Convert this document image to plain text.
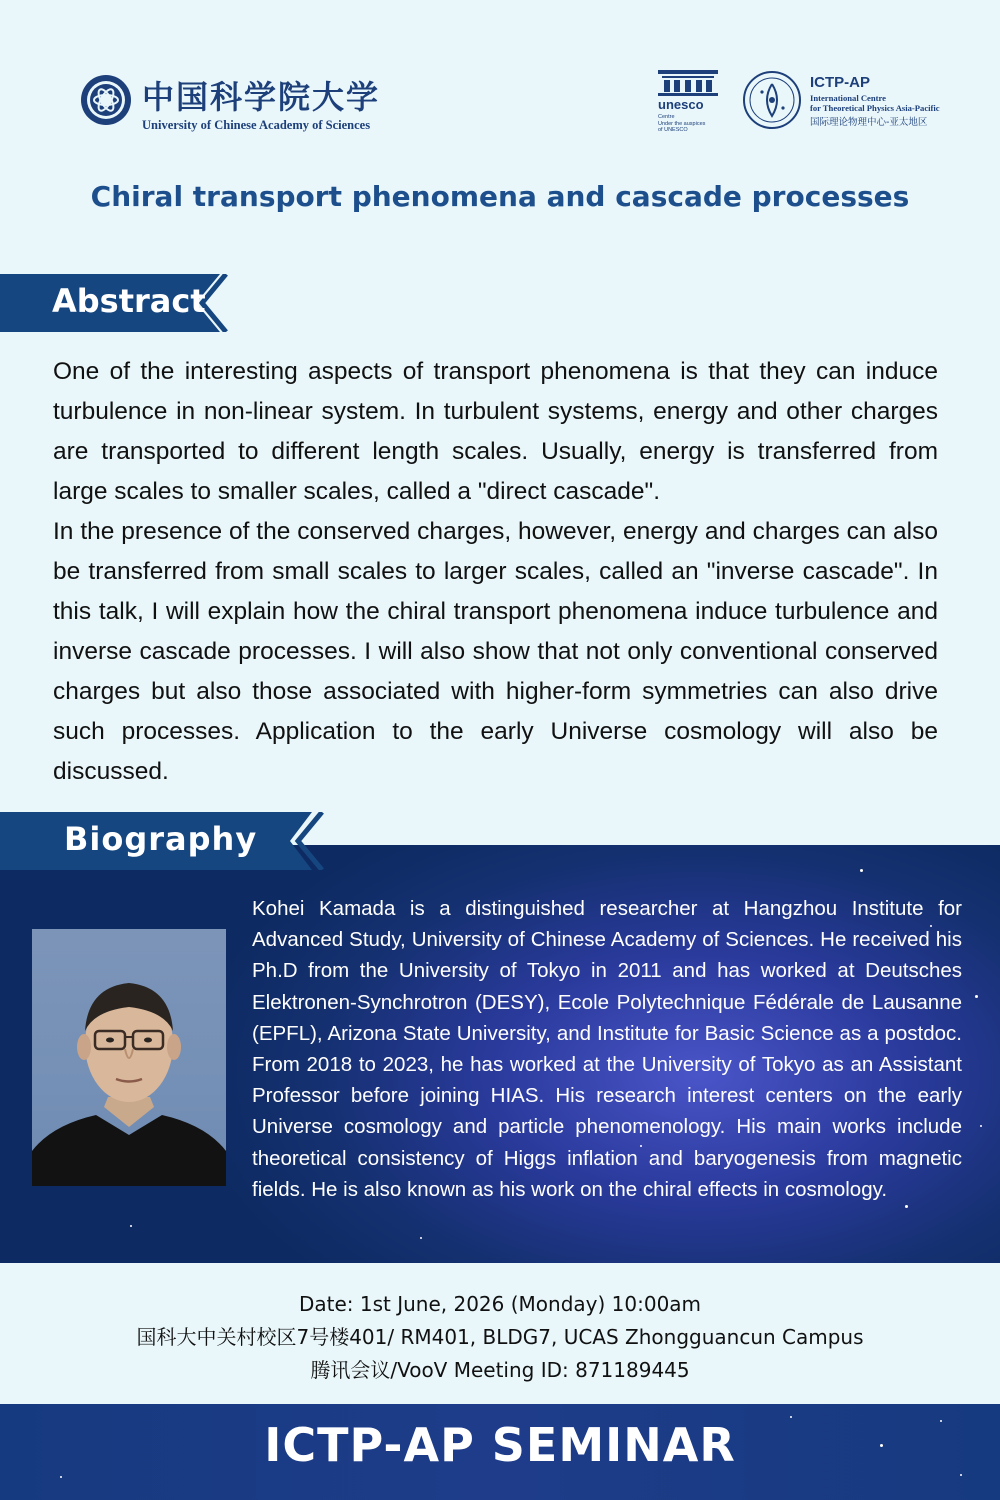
中国科学院大学
University of Chinese Academy of Sciences
unesco
Centre
Under the auspices
of UNESCO
ICTP-AP
International Centre
for Theoretical Physics Asia-Pacific
国际理论物理中心-亚太地区
Chiral transport phenomena and cascade processes
Abstract

One of the interesting aspects of transport phenomena is that they can induce turbulence in non-linear system. In turbulent systems, energy and other charges are transported to different length scales. Usually, energy is transferred from large scales to smaller scales, called a "direct cascade".

In the presence of the conserved charges, however, energy and charges can also be transferred from small scales to larger scales, called an "inverse cascade". In this talk, I will explain how the chiral transport phenomena induce turbulence and inverse cascade processes. I will also show that not only conventional conserved charges but also those associated with higher-form symmetries can also drive such processes. Application to the early Universe cosmology will also be discussed.

Biography
Kohei Kamada is a distinguished researcher at Hangzhou Institute for Advanced Study, University of Chinese Academy of Sciences. He received his Ph.D from the University of Tokyo in 2011 and has worked at Deutsches Elektronen-Synchrotron (DESY), Ecole Polytechnique Fédérale de Lausanne (EPFL), Arizona State University, and Institute for Basic Science as a postdoc. From 2018 to 2023, he has worked at the University of Tokyo as an Assistant Professor before joining HIAS. His research interest centers on the early Universe cosmology and particle phenomenology. His main works include theoretical consistency of Higgs inflation and baryogenesis from magnetic fields. He is also known as his work on the chiral effects in cosmology.
Date: 1st June, 2026 (Monday) 10:00am
国科大中关村校区7号楼401/ RM401, BLDG7, UCAS Zhongguancun Campus
腾讯会议/VooV Meeting ID: 871189445
ICTP-AP SEMINAR
